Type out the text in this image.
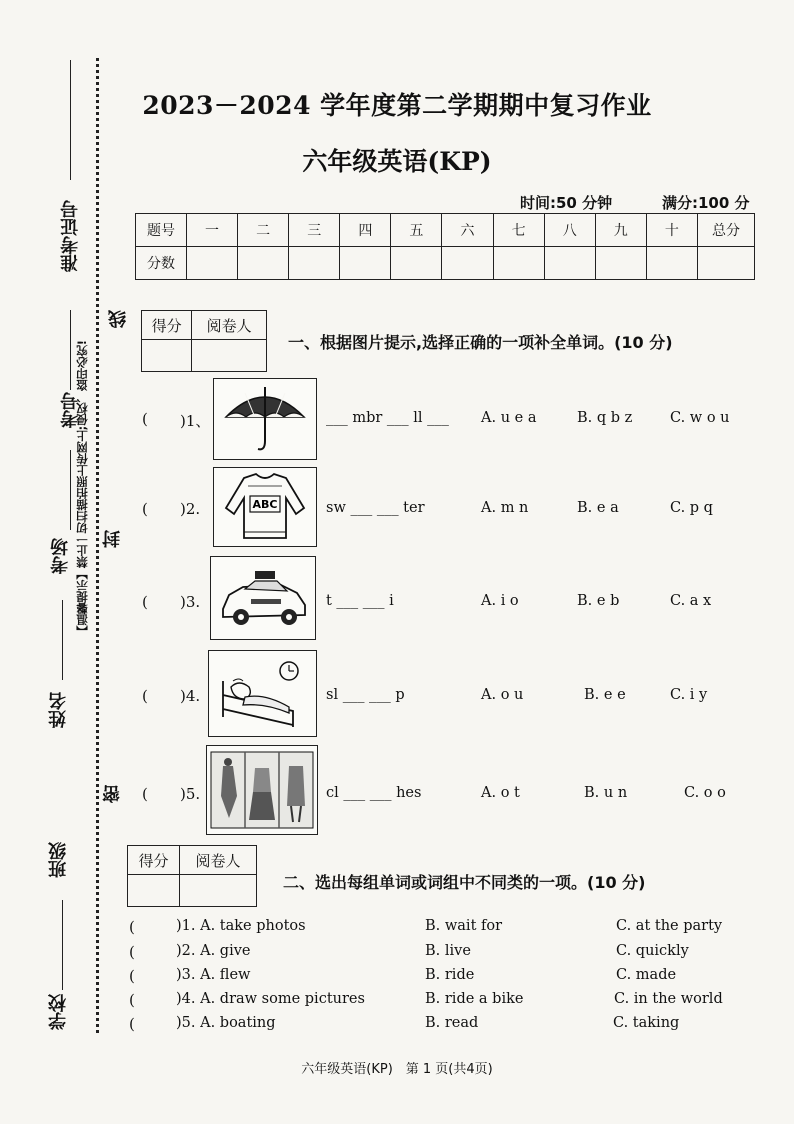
准考证号
线
考号
考场 封
【温馨提示】禁止一切扫描拍照上传网上;侵权、盗印必究!
姓名
密
班级
学校
2023－2024 学年度第二学期期中复习作业
六年级英语(KP)
时间:50 分钟	满分:100 分
题号	一	二	三	四	五	六	七	八	九	十	总分
分数											
得分	阅卷人

一、根据图片提示,选择正确的一项补全单词。(10 分)
( )1、	___ mbr ___ ll ___ A. u e a	B. q b z	C. w o u
( )2.	ABC	sw ___ ___ ter	A. m n	B. e a	C. p q
( )3.	t ___ ___ i	A. i o	B. e b	C. a x
( )4.	sl ___ ___ p	A. o u	B. e e	C. i y
( )5.	cl ___ ___ hes	A. o t	B. u n	C. o o
得分	阅卷人

二、选出每组单词或词组中不同类的一项。(10 分)
(	)1. A. take photos	B. wait for	C. at the party
(	)2. A. give	B. live	C. quickly
(	)3. A. flew	B. ride	C. made
(	)4. A. draw some pictures	B. ride a bike	C. in the world
(	)5. A. boating	B. read	C. taking
六年级英语(KP)　第 1 页(共4页)
